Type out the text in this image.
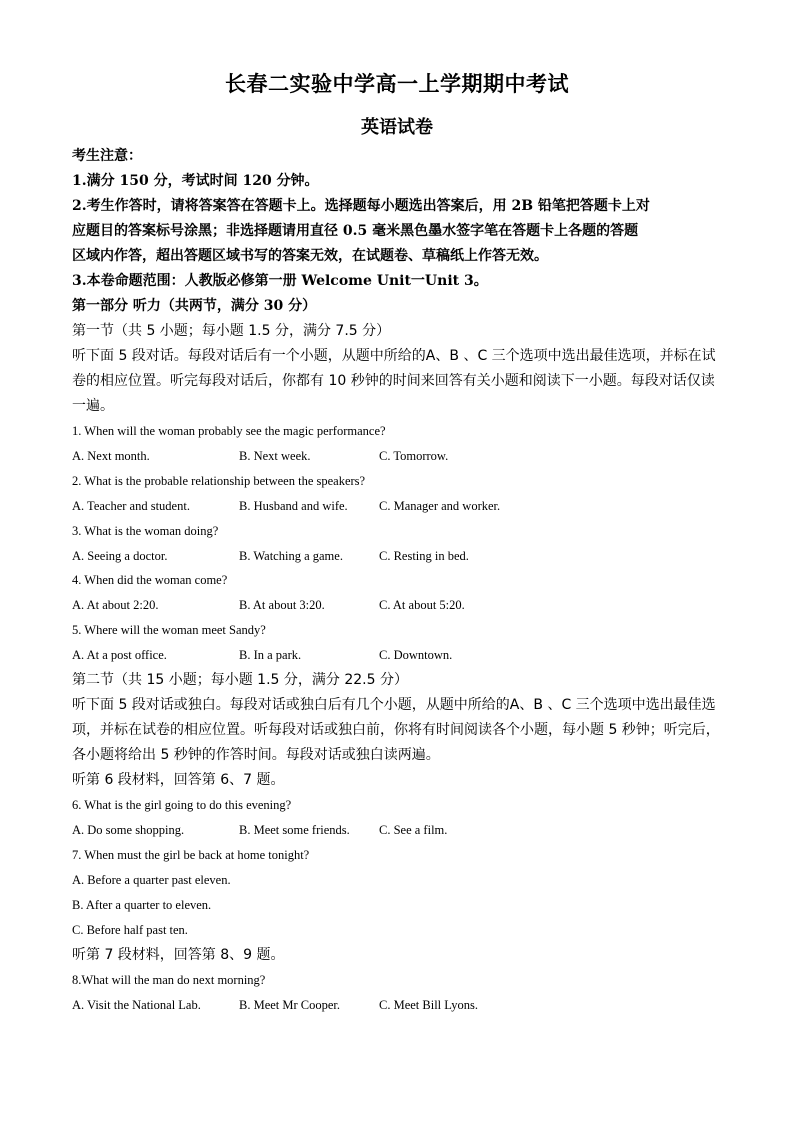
长春二实验中学高一上学期期中考试
英语试卷
考生注意：
1.满分 150 分，考试时间 120 分钟。
2.考生作答时，请将答案答在答题卡上。选择题每小题选出答案后，用 2B 铅笔把答题卡上对
应题目的答案标号涂黑；非选择题请用直径 0.5 毫米黑色墨水签字笔在答题卡上各题的答题
区域内作答，超出答题区域书写的答案无效，在试题卷、草稿纸上作答无效。
3.本卷命题范围：人教版必修第一册 Welcome Unit一Unit 3。
第一部分 听力（共两节，满分 30 分）
第一节（共 5 小题；每小题 1.5 分，满分 7.5 分）
听下面 5 段对话。每段对话后有一个小题，从题中所给的A、B 、C 三个选项中选出最佳选项，并标在试
卷的相应位置。听完每段对话后，你都有 10 秒钟的时间来回答有关小题和阅读下一小题。每段对话仅读
一遍。
1. When will the woman probably see the magic performance?
A. Next month.	B. Next week.	C. Tomorrow.
2. What is the probable relationship between the speakers?
A. Teacher and student.	B. Husband and wife.	C. Manager and worker.
3. What is the woman doing?
A. Seeing a doctor.	B. Watching a game.	C. Resting in bed.
4. When did the woman come?
A. At about 2:20.	B. At about 3:20.	C. At about 5:20.
5. Where will the woman meet Sandy?
A. At a post office.	B. In a park.	C. Downtown.
第二节（共 15 小题；每小题 1.5 分，满分 22.5 分）
听下面 5 段对话或独白。每段对话或独白后有几个小题，从题中所给的A、B 、C 三个选项中选出最佳选
项，并标在试卷的相应位置。听每段对话或独白前，你将有时间阅读各个小题，每小题 5 秒钟；听完后，
各小题将给出 5 秒钟的作答时间。每段对话或独白读两遍。
听第 6 段材料，回答第 6、7 题。
6. What is the girl going to do this evening?
A. Do some shopping.	B. Meet some friends. C. See a film.
7. When must the girl be back at home tonight?
A. Before a quarter past eleven.
B. After a quarter to eleven.
C. Before half past ten.
听第 7 段材料，回答第 8、9 题。
8.What will the man do next morning?
A. Visit the National Lab.	B. Meet Mr Cooper.	C. Meet Bill Lyons.
